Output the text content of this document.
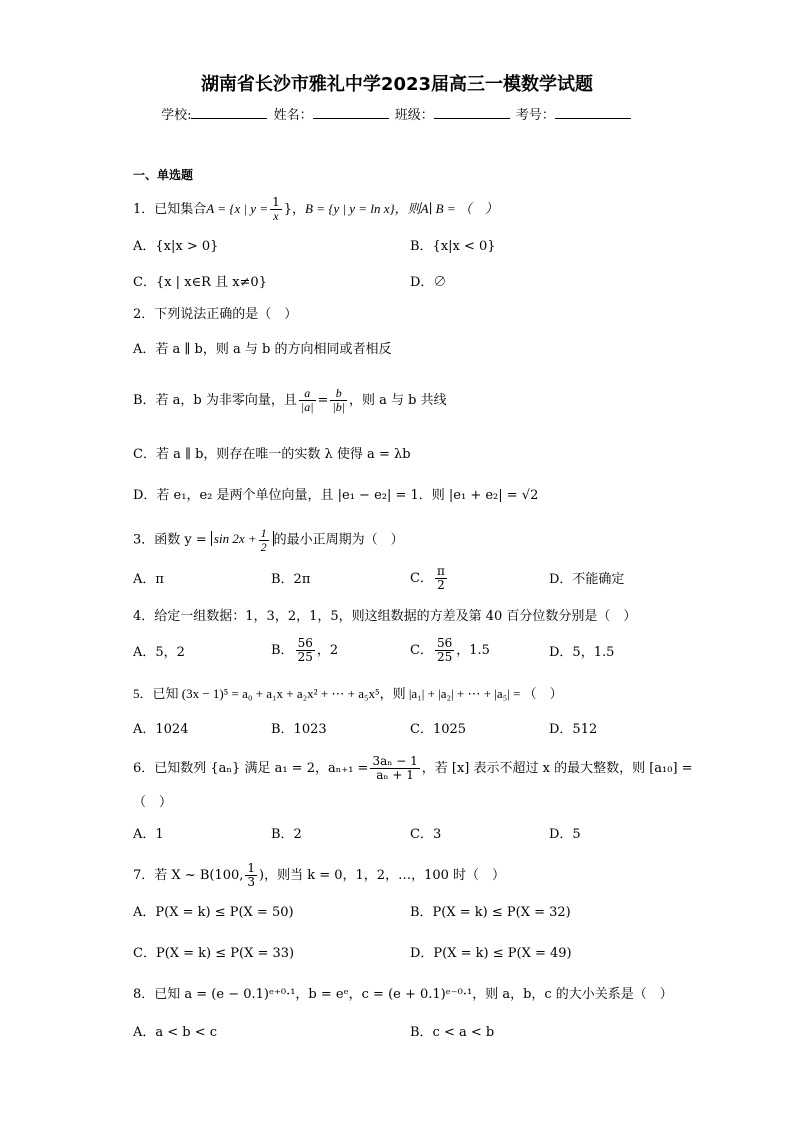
湖南省长沙市雅礼中学2023届高三一模数学试题
学校:	姓名：	班级：	考号：
一、单选题
1．已知集合A = {x | $y = \frac{1}{x}$ }，B = {y | y = ln x}，则A∣ B = （　）
A．{x|x > 0}	B．{x|x < 0}
C．{x | x∈R 且 x≠0}	D．∅
2．下列说法正确的是（　）
A．若 a ∥ b，则 a 与 b 的方向相同或者相反
B．若 a，b 为非零向量，且 $\frac{a}{|a|} = \frac{b}{|b|}$ ，则 a 与 b 共线
C．若 a ∥ b，则存在唯一的实数 λ 使得 a = λb
D．若 e₁，e₂ 是两个单位向量，且 |e₁ − e₂| = 1．则 |e₁ + e₂| = √2
3．函数 $y = \sin 2x + \frac{1}{2}$ 的最小正周期为（　）
A．π	B．2π	C． $\frac{\pi}{2}$	D．不能确定
4．给定一组数据：1，3，2，1，5，则这组数据的方差及第 40 百分位数分别是（　）
A．5，2	B． $\frac{56}{25}$ ，2	C． $\frac{56}{25}$ ，1.5	D．5，1.5
5．已知 (3x − 1)⁵ = a₀ + a₁x + a₂x² + ⋯ + a₅x⁵，则 |a₁| + |a₂| + ⋯ + |a₅| = （　）
A．1024	B．1023	C．1025	D．512
6．已知数列 {aₙ} 满足 a₁ = 2，$a_{n+1} = \frac{\text{3aₙ − 1}}{\text{aₙ + 1}}$ ，若 [x] 表示不超过 x 的最大整数，则 [a₁₀] =
（　）
A．1	B．2	C．3	D．5
7．若 X ~ B(100, $\frac{1}{3}$ )，则当 k = 0，1，2，…，100 时（　）
A．P(X = k) ≤ P(X = 50)	B．P(X = k) ≤ P(X = 32)
C．P(X = k) ≤ P(X = 33)	D．P(X = k) ≤ P(X = 49)
8．已知 a = (e − 0.1)ᵉ⁺⁰·¹，b = eᵉ，c = (e + 0.1)ᵉ⁻⁰·¹，则 a，b，c 的大小关系是（　）
A．a < b < c	B．c < a < b
